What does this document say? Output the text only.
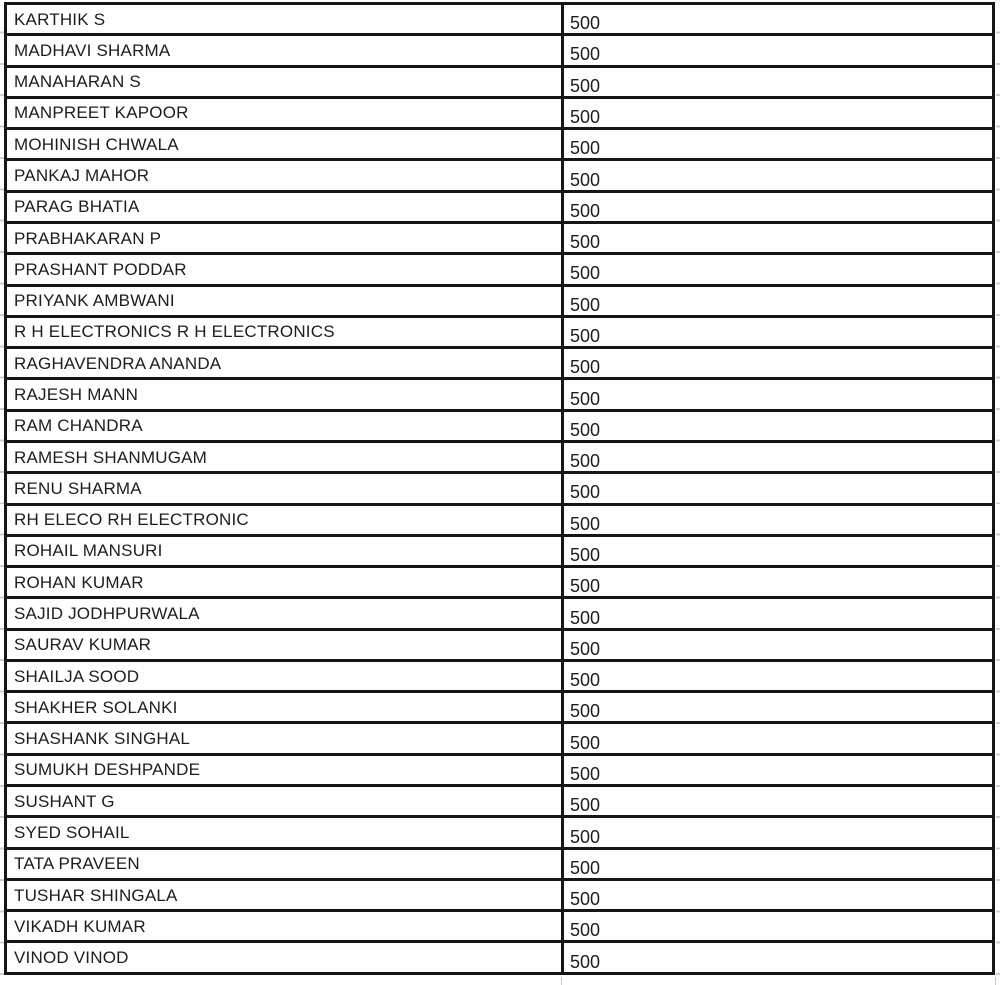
KARTHIK S	500
MADHAVI SHARMA	500
MANAHARAN S	500
MANPREET KAPOOR	500
MOHINISH CHWALA	500
PANKAJ MAHOR	500
PARAG BHATIA	500
PRABHAKARAN P	500
PRASHANT PODDAR	500
PRIYANK AMBWANI	500
R H ELECTRONICS R H ELECTRONICS	500
RAGHAVENDRA ANANDA	500
RAJESH MANN	500
RAM CHANDRA	500
RAMESH SHANMUGAM	500
RENU SHARMA	500
RH ELECO RH ELECTRONIC	500
ROHAIL MANSURI	500
ROHAN KUMAR	500
SAJID JODHPURWALA	500
SAURAV KUMAR	500
SHAILJA SOOD	500
SHAKHER SOLANKI	500
SHASHANK SINGHAL	500
SUMUKH DESHPANDE	500
SUSHANT G	500
SYED SOHAIL	500
TATA PRAVEEN	500
TUSHAR SHINGALA	500
VIKADH KUMAR	500
VINOD VINOD	500
